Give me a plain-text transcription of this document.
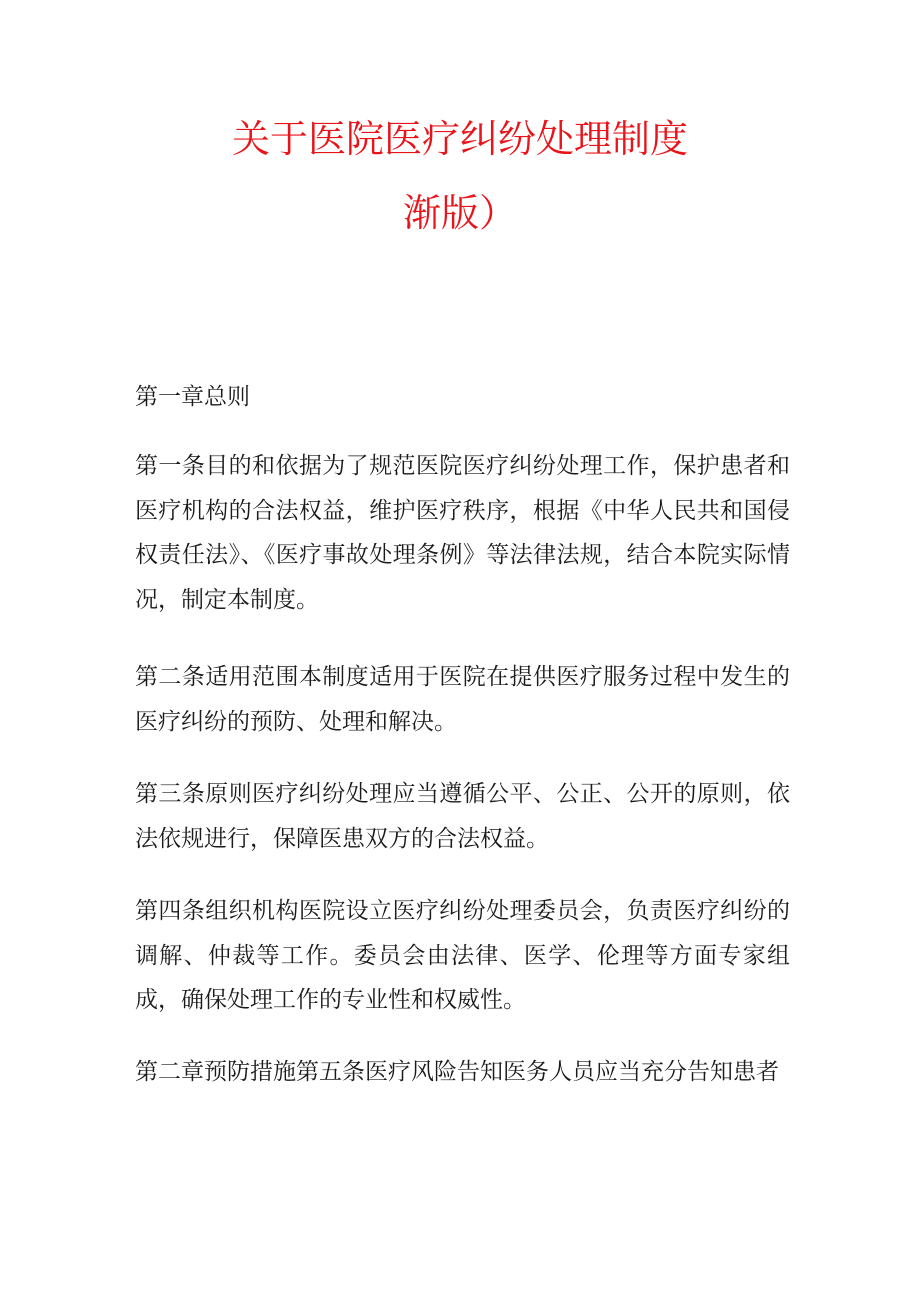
关于医院医疗纠纷处理制度
渐版）

第一章总则

第一条目的和依据为了规范医院医疗纠纷处理工作，保护患者和医疗机构的合法权益，维护医疗秩序，根据《中华人民共和国侵权责任法》、《医疗事故处理条例》等法律法规，结合本院实际情况，制定本制度。

第二条适用范围本制度适用于医院在提供医疗服务过程中发生的医疗纠纷的预防、处理和解决。

第三条原则医疗纠纷处理应当遵循公平、公正、公开的原则，依法依规进行，保障医患双方的合法权益。

第四条组织机构医院设立医疗纠纷处理委员会，负责医疗纠纷的调解、仲裁等工作。委员会由法律、医学、伦理等方面专家组成，确保处理工作的专业性和权威性。

第二章预防措施第五条医疗风险告知医务人员应当充分告知患者
